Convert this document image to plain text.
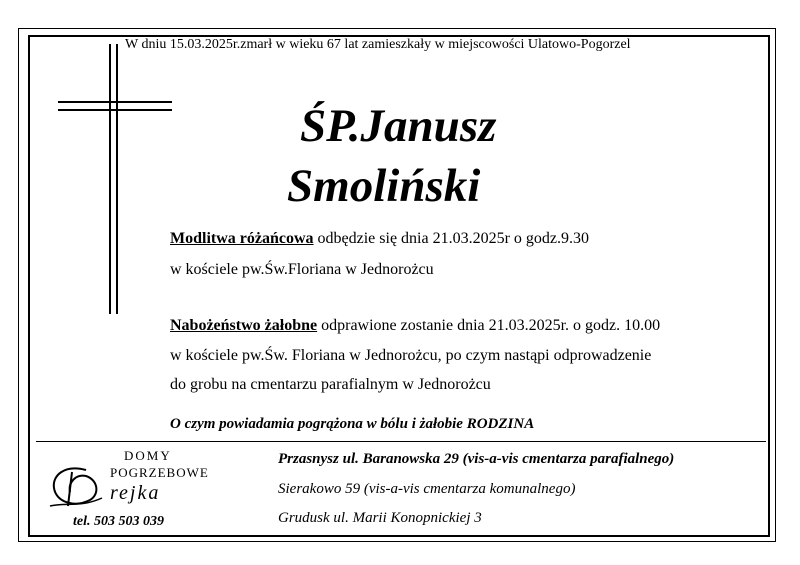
W dniu 15.03.2025r.zmarł w wieku 67 lat zamieszkały w miejscowości Ulatowo-Pogorzel
ŚP.Janusz
Smoliński
Modlitwa różańcowa odbędzie się dnia 21.03.2025r o godz.9.30
w kościele pw.Św.Floriana w Jednorożcu
Nabożeństwo żałobne odprawione zostanie dnia 21.03.2025r. o godz. 10.00
w kościele pw.Św. Floriana w Jednorożcu, po czym nastąpi odprowadzenie
do grobu na cmentarzu parafialnym w Jednorożcu
O czym powiadamia pogrążona w bólu i żałobie RODZINA
DOMY
POGRZEBOWE
rejka
tel. 503 503 039
Przasnysz ul. Baranowska 29 (vis-a-vis cmentarza parafialnego)
Sierakowo 59 (vis-a-vis cmentarza komunalnego)
Grudusk ul. Marii Konopnickiej 3
